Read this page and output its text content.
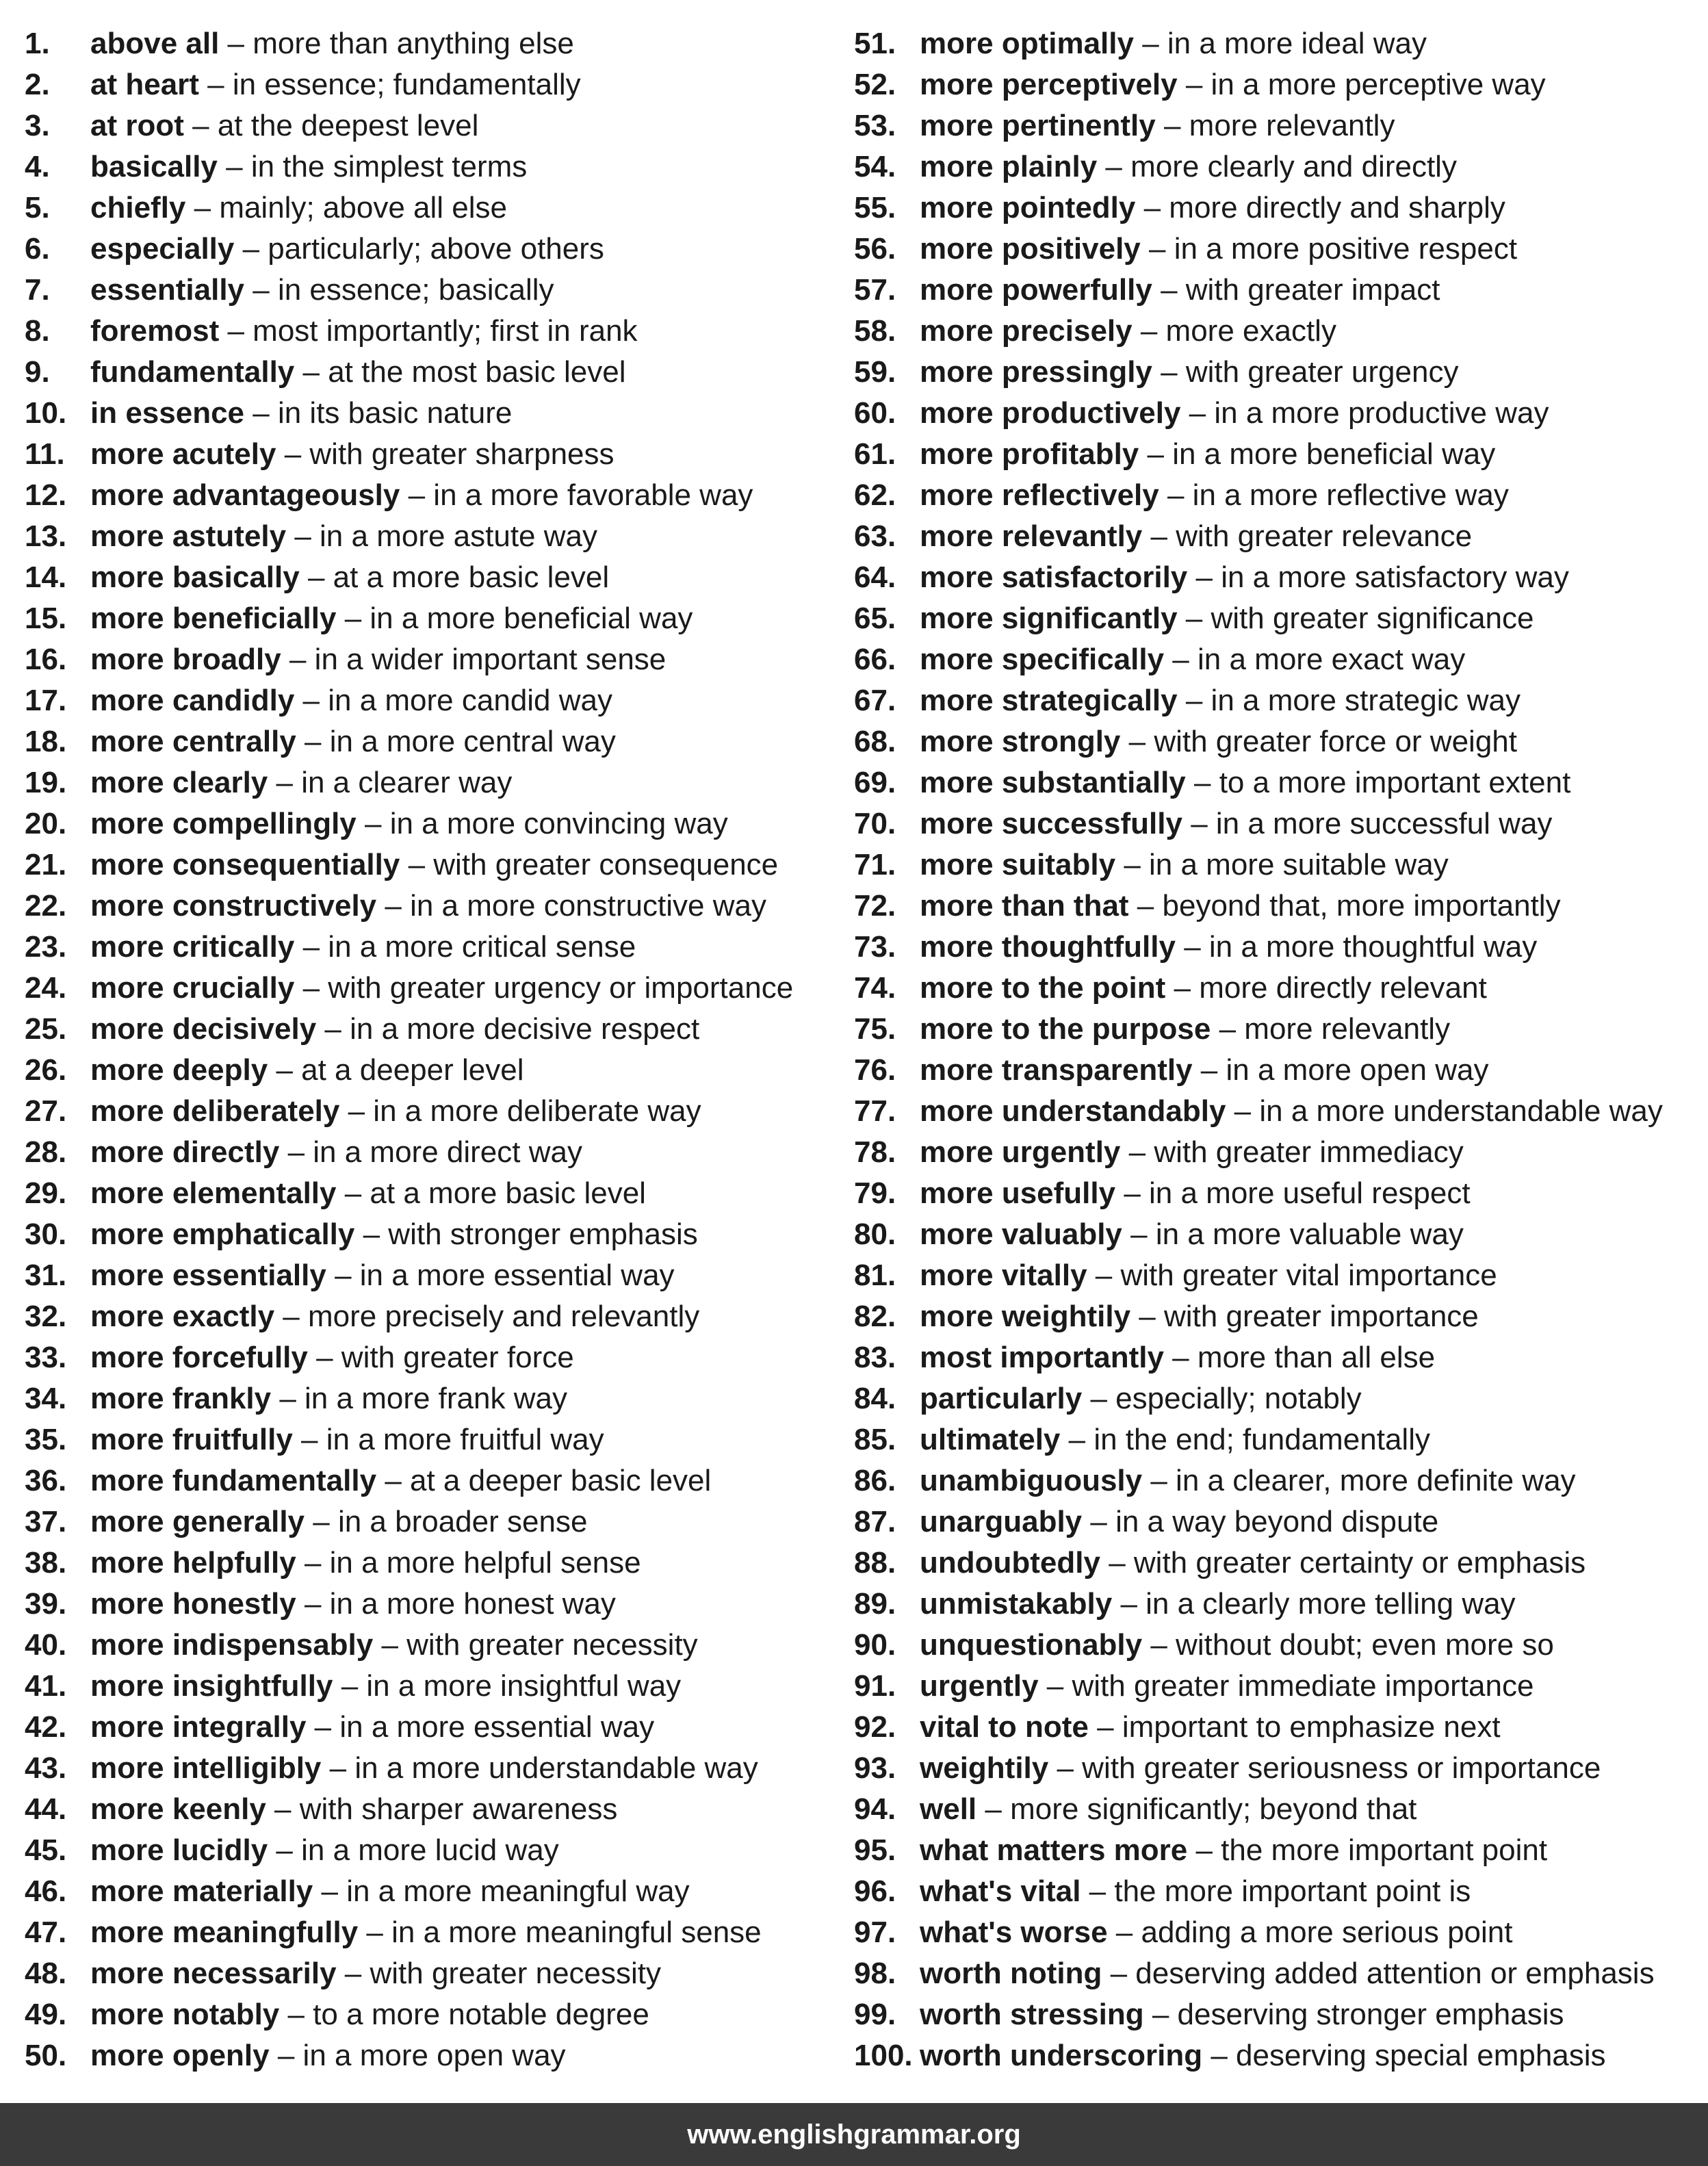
1. above all – more than anything else
2. at heart – in essence; fundamentally
3. at root – at the deepest level
4. basically – in the simplest terms
5. chiefly – mainly; above all else
6. especially – particularly; above others
7. essentially – in essence; basically
8. foremost – most importantly; first in rank
9. fundamentally – at the most basic level
10. in essence – in its basic nature
11. more acutely – with greater sharpness
12. more advantageously – in a more favorable way
13. more astutely – in a more astute way
14. more basically – at a more basic level
15. more beneficially – in a more beneficial way
16. more broadly – in a wider important sense
17. more candidly – in a more candid way
18. more centrally – in a more central way
19. more clearly – in a clearer way
20. more compellingly – in a more convincing way
21. more consequentially – with greater consequence
22. more constructively – in a more constructive way
23. more critically – in a more critical sense
24. more crucially – with greater urgency or importance
25. more decisively – in a more decisive respect
26. more deeply – at a deeper level
27. more deliberately – in a more deliberate way
28. more directly – in a more direct way
29. more elementally – at a more basic level
30. more emphatically – with stronger emphasis
31. more essentially – in a more essential way
32. more exactly – more precisely and relevantly
33. more forcefully – with greater force
34. more frankly – in a more frank way
35. more fruitfully – in a more fruitful way
36. more fundamentally – at a deeper basic level
37. more generally – in a broader sense
38. more helpfully – in a more helpful sense
39. more honestly – in a more honest way
40. more indispensably – with greater necessity
41. more insightfully – in a more insightful way
42. more integrally – in a more essential way
43. more intelligibly – in a more understandable way
44. more keenly – with sharper awareness
45. more lucidly – in a more lucid way
46. more materially – in a more meaningful way
47. more meaningfully – in a more meaningful sense
48. more necessarily – with greater necessity
49. more notably – to a more notable degree
50. more openly – in a more open way
51. more optimally – in a more ideal way
52. more perceptively – in a more perceptive way
53. more pertinently – more relevantly
54. more plainly – more clearly and directly
55. more pointedly – more directly and sharply
56. more positively – in a more positive respect
57. more powerfully – with greater impact
58. more precisely – more exactly
59. more pressingly – with greater urgency
60. more productively – in a more productive way
61. more profitably – in a more beneficial way
62. more reflectively – in a more reflective way
63. more relevantly – with greater relevance
64. more satisfactorily – in a more satisfactory way
65. more significantly – with greater significance
66. more specifically – in a more exact way
67. more strategically – in a more strategic way
68. more strongly – with greater force or weight
69. more substantially – to a more important extent
70. more successfully – in a more successful way
71. more suitably – in a more suitable way
72. more than that – beyond that, more importantly
73. more thoughtfully – in a more thoughtful way
74. more to the point – more directly relevant
75. more to the purpose – more relevantly
76. more transparently – in a more open way
77. more understandably – in a more understandable way
78. more urgently – with greater immediacy
79. more usefully – in a more useful respect
80. more valuably – in a more valuable way
81. more vitally – with greater vital importance
82. more weightily – with greater importance
83. most importantly – more than all else
84. particularly – especially; notably
85. ultimately – in the end; fundamentally
86. unambiguously – in a clearer, more definite way
87. unarguably – in a way beyond dispute
88. undoubtedly – with greater certainty or emphasis
89. unmistakably – in a clearly more telling way
90. unquestionably – without doubt; even more so
91. urgently – with greater immediate importance
92. vital to note – important to emphasize next
93. weightily – with greater seriousness or importance
94. well – more significantly; beyond that
95. what matters more – the more important point
96. what's vital – the more important point is
97. what's worse – adding a more serious point
98. worth noting – deserving added attention or emphasis
99. worth stressing – deserving stronger emphasis
100. worth underscoring – deserving special emphasis
www.englishgrammar.org
